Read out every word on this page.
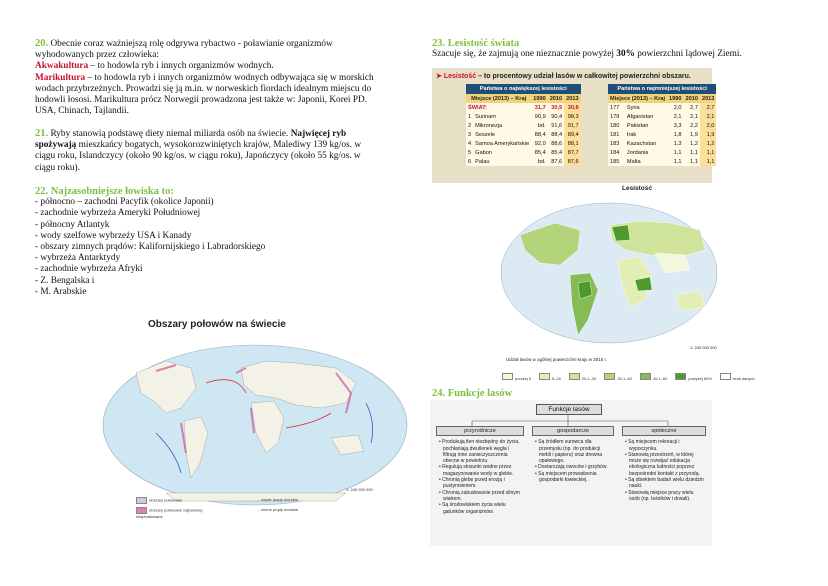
20. Obecnie coraz ważniejszą rolę odgrywa rybactwo - poławianie organizmów
wyhodowanych przez człowieka:
Akwakultura – to hodowla ryb i innych organizmów wodnych.
Marikultura – to hodowla ryb i innych organizmów wodnych odbywająca się w morskich
wodach przybrzeżnych. Prowadzi się ją m.in. w norweskich fiordach idealnym miejscu do
hodowli łososi. Marikultura prócz Norwegii prowadzona jest także w: Japonii, Korei PD.
USA, Chinach, Tajlandii.
21. Ryby stanowią podstawę diety niemal miliarda osób na świecie. Najwięcej ryb
spożywają mieszkańcy bogatych, wysokorozwiniętych krajów, Malediwy 139 kg/os. w
ciągu roku, Islandczycy (około 90 kg/os. w ciągu roku), Japończycy (około 55 kg/os. w
ciągu roku).
22. Najzasobniejsze łowiska to:
- północno – zachodni Pacyfik (okolice Japonii)
- zachodnie wybrzeża Ameryki Południowej
- północny Atlantyk
- wody szelfowe wybrzeży USA i Kanady
- obszary zimnych prądów: Kalifornijskiego i Labradorskiego
- wybrzeża Antarktydy
- zachodnie wybrzeża Afryki
- Z. Bengalska i
- M. Arabskie
Obszary połowów na świecie
1: 240 000 000
obszary połowowe
obszary połowowe najbardziej eksploatowane
→ ciepłe prądy morskie
→ zimne prądy morskie
23. Lesistość świata
Szacuje się, że zajmują one nieznacznie powyżej 30% powierzchni lądowej Ziemi.
➤ Lesistość – to procentowy udział lasów w całkowitej powierzchni obszaru.
Państwa o największej lesistości				
Miejsce (2013) – Kraj		1990	2010	2013
ŚWIAT:		31,7	30,9	30,8
1	Surinam	90,9	90,4	98,3
2	Mikronezja	bd.	91,6	91,7
3	Seszele	88,4	88,4	89,4
4	Samoa Amerykańskie	92,0	88,6	88,1
5	Gabon	85,4	85,4	87,7
6	Palau	bd.	87,6	87,6
Państwa o najmniejszej lesistości				
Miejsce (2013) – Kraj		1990	2010	2013
177	Syria	2,0	2,7	2,7
179	Afganistan	2,1	2,1	2,1
180	Pakistan	3,3	2,2	2,0
181	Irak	1,8	1,9	1,9
183	Kazachstan	1,3	1,2	1,2
184	Jordania	1,1	1,1	1,1
185	Malta	1,1	1,1	1,1
Lesistość
1: 240 000 000
Udział lasów w ogólnej powierzchni kraju w 2016 r.
poniżej 5	5–20	20,1–30	30,1–40	40,1–60	powyżej 60%	brak danych
24. Funkcje lasów
Funkcje lasów
przyrodnicze

• Produkują tlen niezbędny do życia, pochłaniają dwutlenek węgla i filtrują inne zanieczyszczenia obecne w powietrzu.

• Regulują stosunki wodne przez magazynowanie wody w glebie.

• Chronią glebę przed erozją i pustynnieniem.

• Chronią zabudowanie przed silnym wiatrem.

• Są środowiskiem życia wielu gatunków organizmów.

gospodarcze

• Są źródłem surowca dla przemysłu (np. do produkcji mebli i papieru) oraz drewna opałowego.

• Dostarczają owoców i grzybów.

• Są miejscem prowadzenia gospodarki łowieckiej.

społeczne

• Są miejscem rekreacji i wypoczynku.

• Stanowią przestrzeń, w której może się rozwijać edukacja ekologiczna ludności poprzez bezpośredni kontakt z przyrodą.

• Są obiektem badań wielu dziedzin nauki.

• Stanowią miejsce pracy wielu osób (np. leśników i drwali).
